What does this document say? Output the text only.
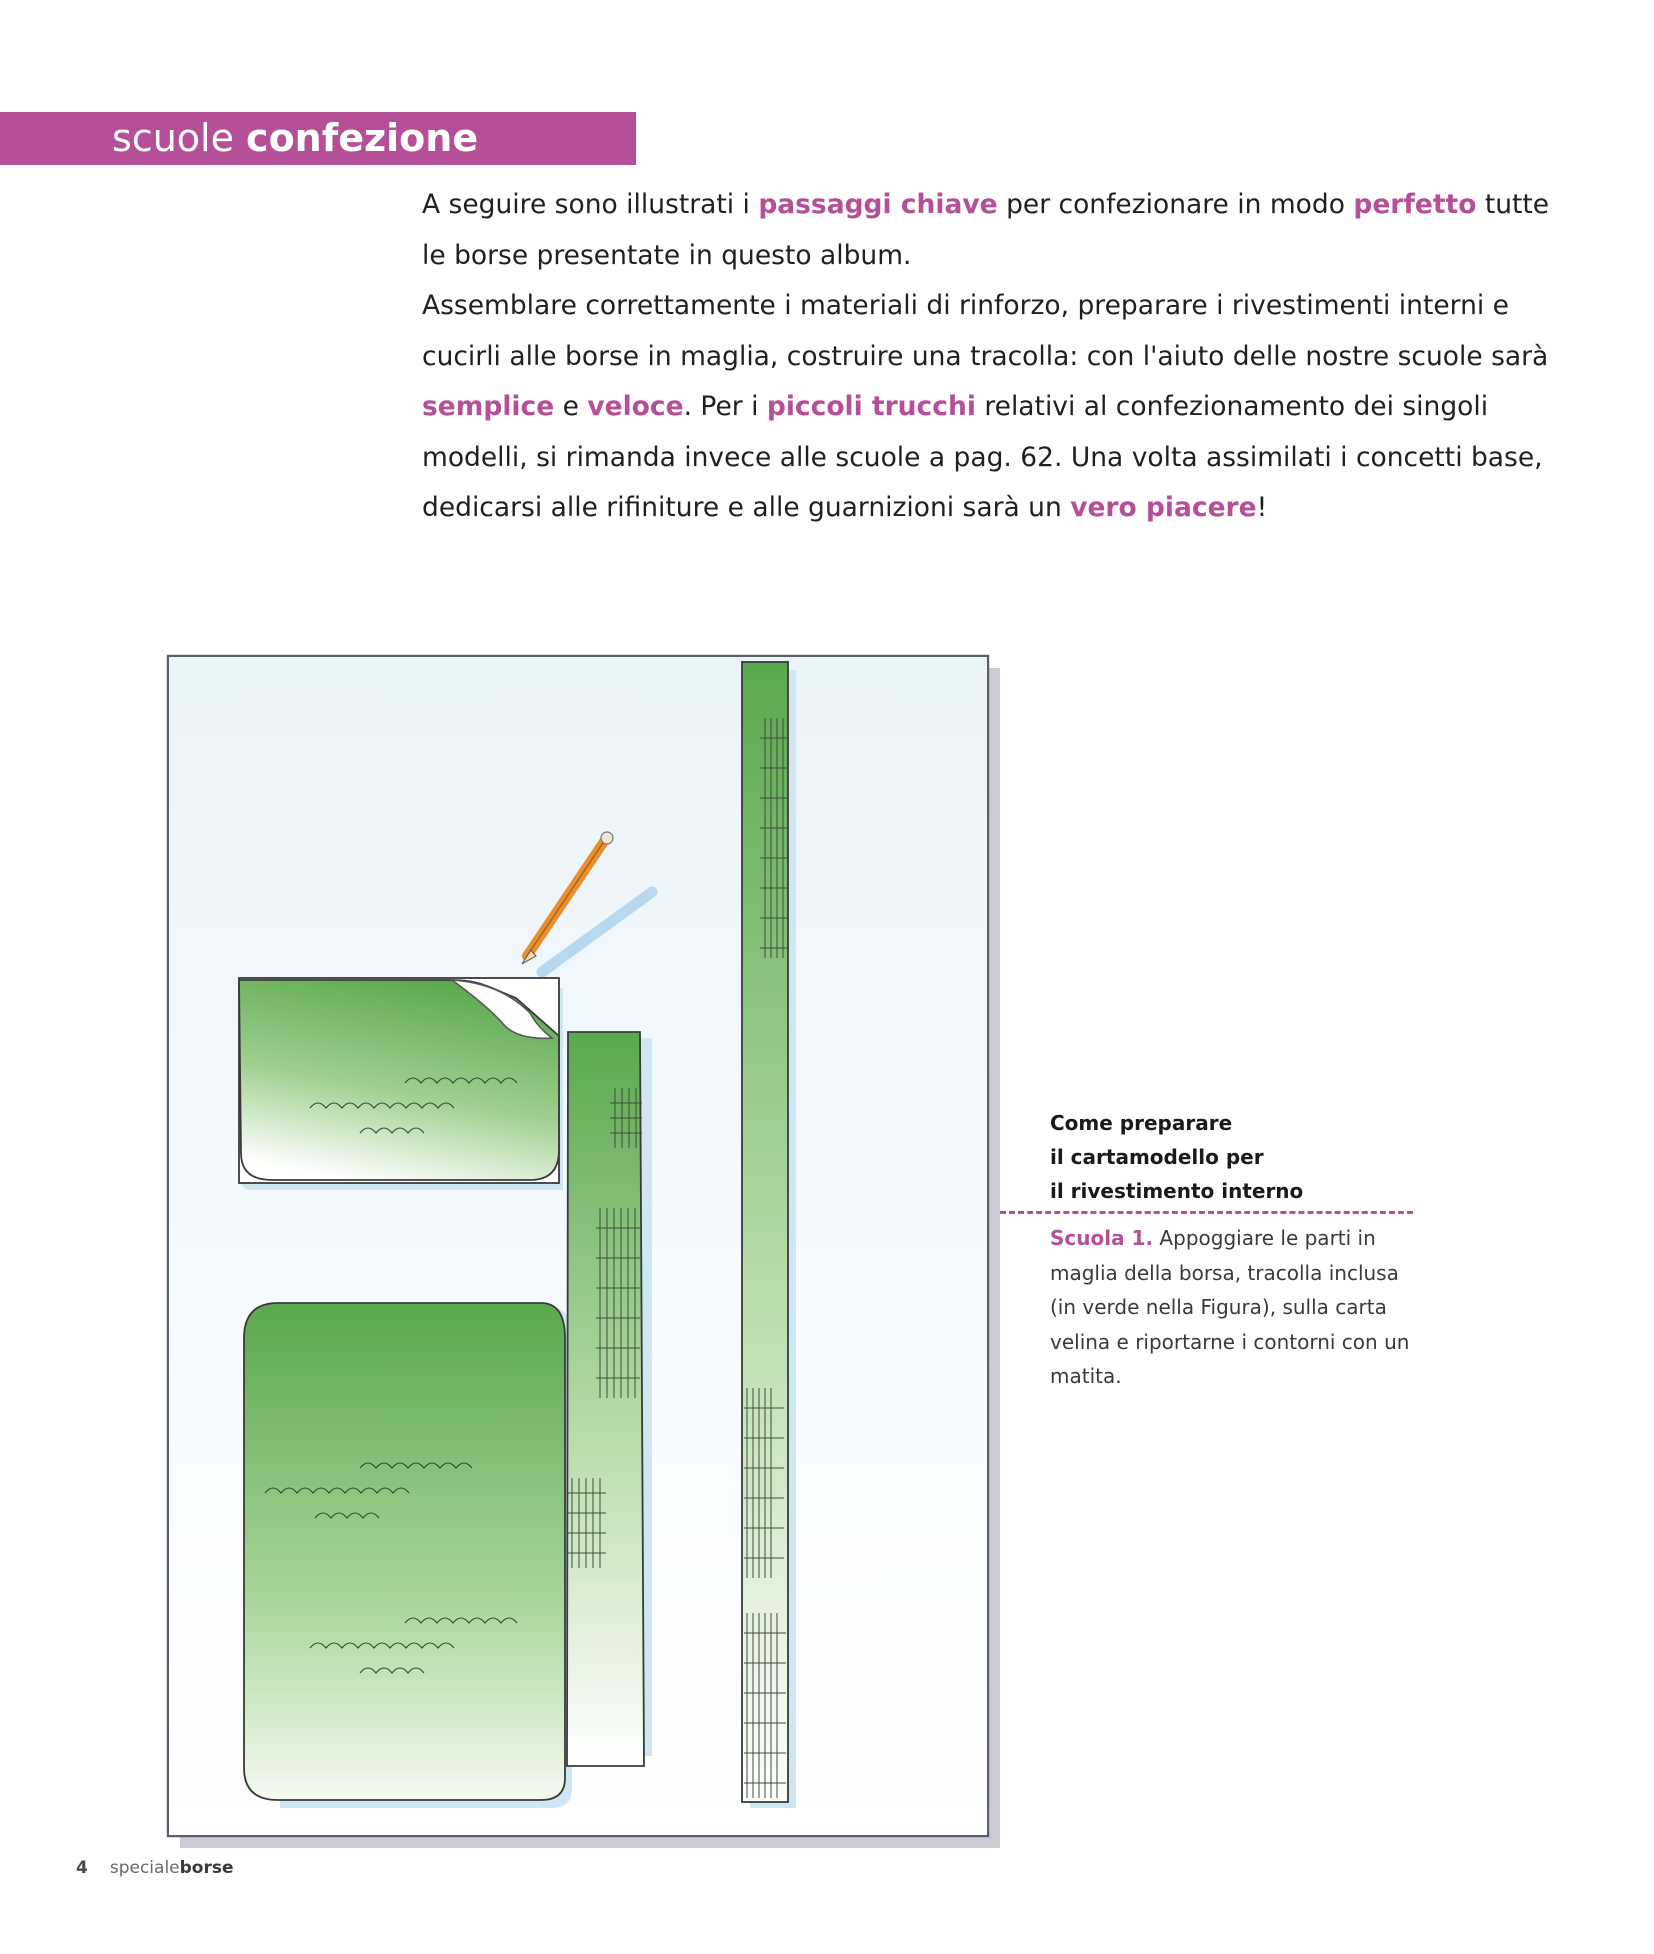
scuole confezione

A seguire sono illustrati i passaggi chiave per confezionare in modo perfetto tutte le borse presentate in questo album.

Assemblare correttamente i materiali di rinforzo, preparare i rivestimenti interni e cucirli alle borse in maglia, costruire una tracolla: con l'aiuto delle nostre scuole sarà semplice e veloce. Per i piccoli trucchi relativi al confezionamento dei singoli modelli, si rimanda invece alle scuole a pag. 62. Una volta assimilati i concetti base, dedicarsi alle rifiniture e alle guarnizioni sarà un vero piacere!

Come preparare
il cartamodello per
il rivestimento interno
Scuola 1. Appoggiare le parti in maglia della borsa, tracolla inclusa (in verde nella Figura), sulla carta velina e riportarne i contorni con un matita.
4 specialeborse
